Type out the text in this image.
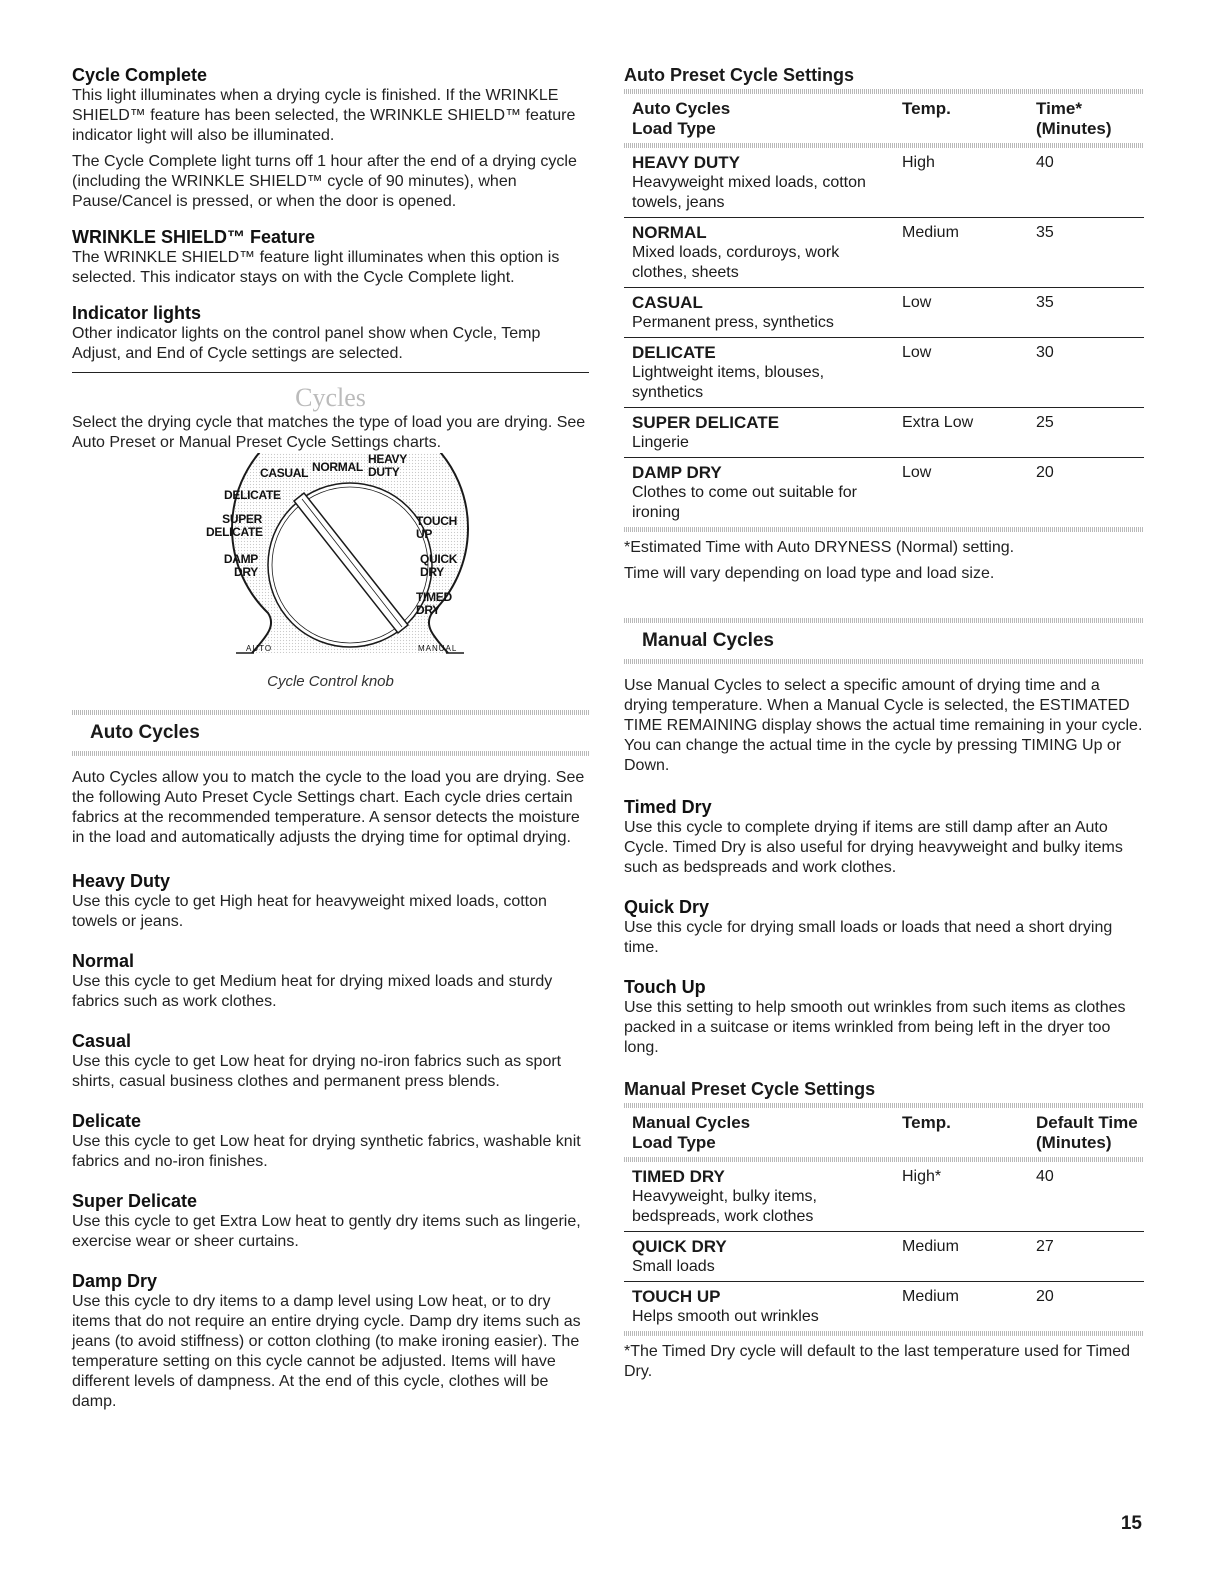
Cycle Complete

This light illuminates when a drying cycle is finished. If the WRINKLE SHIELD™ feature has been selected, the WRINKLE SHIELD™ feature indicator light will also be illuminated.

The Cycle Complete light turns off 1 hour after the end of a drying cycle (including the WRINKLE SHIELD™ cycle of 90 minutes), when Pause/Cancel is pressed, or when the door is opened.

WRINKLE SHIELD™ Feature

The WRINKLE SHIELD™ feature light illuminates when this option is selected. This indicator stays on with the Cycle Complete light.

Indicator lights

Other indicator lights on the control panel show when Cycle, Temp Adjust, and End of Cycle settings are selected.

Cycles

Select the drying cycle that matches the type of load you are drying. See Auto Preset or Manual Preset Cycle Settings charts.

CASUAL NORMAL
HEAVY
DUTY
DELICATE
SUPER
DELICATE
DAMP
DRY
TOUCH
UP
QUICK
DRY
TIMED
DRY
AUTO	MANUAL
Cycle Control knob
Auto Cycles

Auto Cycles allow you to match the cycle to the load you are drying. See the following Auto Preset Cycle Settings chart. Each cycle dries certain fabrics at the recommended temperature. A sensor detects the moisture in the load and automatically adjusts the drying time for optimal drying.

Heavy Duty

Use this cycle to get High heat for heavyweight mixed loads, cotton towels or jeans.

Normal

Use this cycle to get Medium heat for drying mixed loads and sturdy fabrics such as work clothes.

Casual

Use this cycle to get Low heat for drying no-iron fabrics such as sport shirts, casual business clothes and permanent press blends.

Delicate

Use this cycle to get Low heat for drying synthetic fabrics, washable knit fabrics and no-iron finishes.

Super Delicate

Use this cycle to get Extra Low heat to gently dry items such as lingerie, exercise wear or sheer curtains.

Damp Dry

Use this cycle to dry items to a damp level using Low heat, or to dry items that do not require an entire drying cycle. Damp dry items such as jeans (to avoid stiffness) or cotton clothing (to make ironing easier). The temperature setting on this cycle cannot be adjusted. Items will have different levels of dampness. At the end of this cycle, clothes will be damp.

Auto Preset Cycle Settings

Auto Cycles
Load Type	Temp.	Time*
(Minutes)

HEAVY DUTY
Heavyweight mixed loads, cotton towels, jeans	High	40

NORMAL
Mixed loads, corduroys, work clothes, sheets	Medium	35

CASUAL
Permanent press, synthetics	Low	35

DELICATE
Lightweight items, blouses, synthetics	Low	30

SUPER DELICATE
Lingerie	Extra Low	25

DAMP DRY
Clothes to come out suitable for ironing	Low	20

*Estimated Time with Auto DRYNESS (Normal) setting.

Time will vary depending on load type and load size.

Manual Cycles

Use Manual Cycles to select a specific amount of drying time and a drying temperature. When a Manual Cycle is selected, the ESTIMATED TIME REMAINING display shows the actual time remaining in your cycle. You can change the actual time in the cycle by pressing TIMING Up or Down.

Timed Dry

Use this cycle to complete drying if items are still damp after an Auto Cycle. Timed Dry is also useful for drying heavyweight and bulky items such as bedspreads and work clothes.

Quick Dry

Use this cycle for drying small loads or loads that need a short drying time.

Touch Up

Use this setting to help smooth out wrinkles from such items as clothes packed in a suitcase or items wrinkled from being left in the dryer too long.

Manual Preset Cycle Settings

Manual Cycles
Load Type	Temp.	Default Time
(Minutes)

TIMED DRY
Heavyweight, bulky items, bedspreads, work clothes	High*	40

QUICK DRY
Small loads	Medium	27

TOUCH UP
Helps smooth out wrinkles	Medium	20

*The Timed Dry cycle will default to the last temperature used for Timed Dry.

15
